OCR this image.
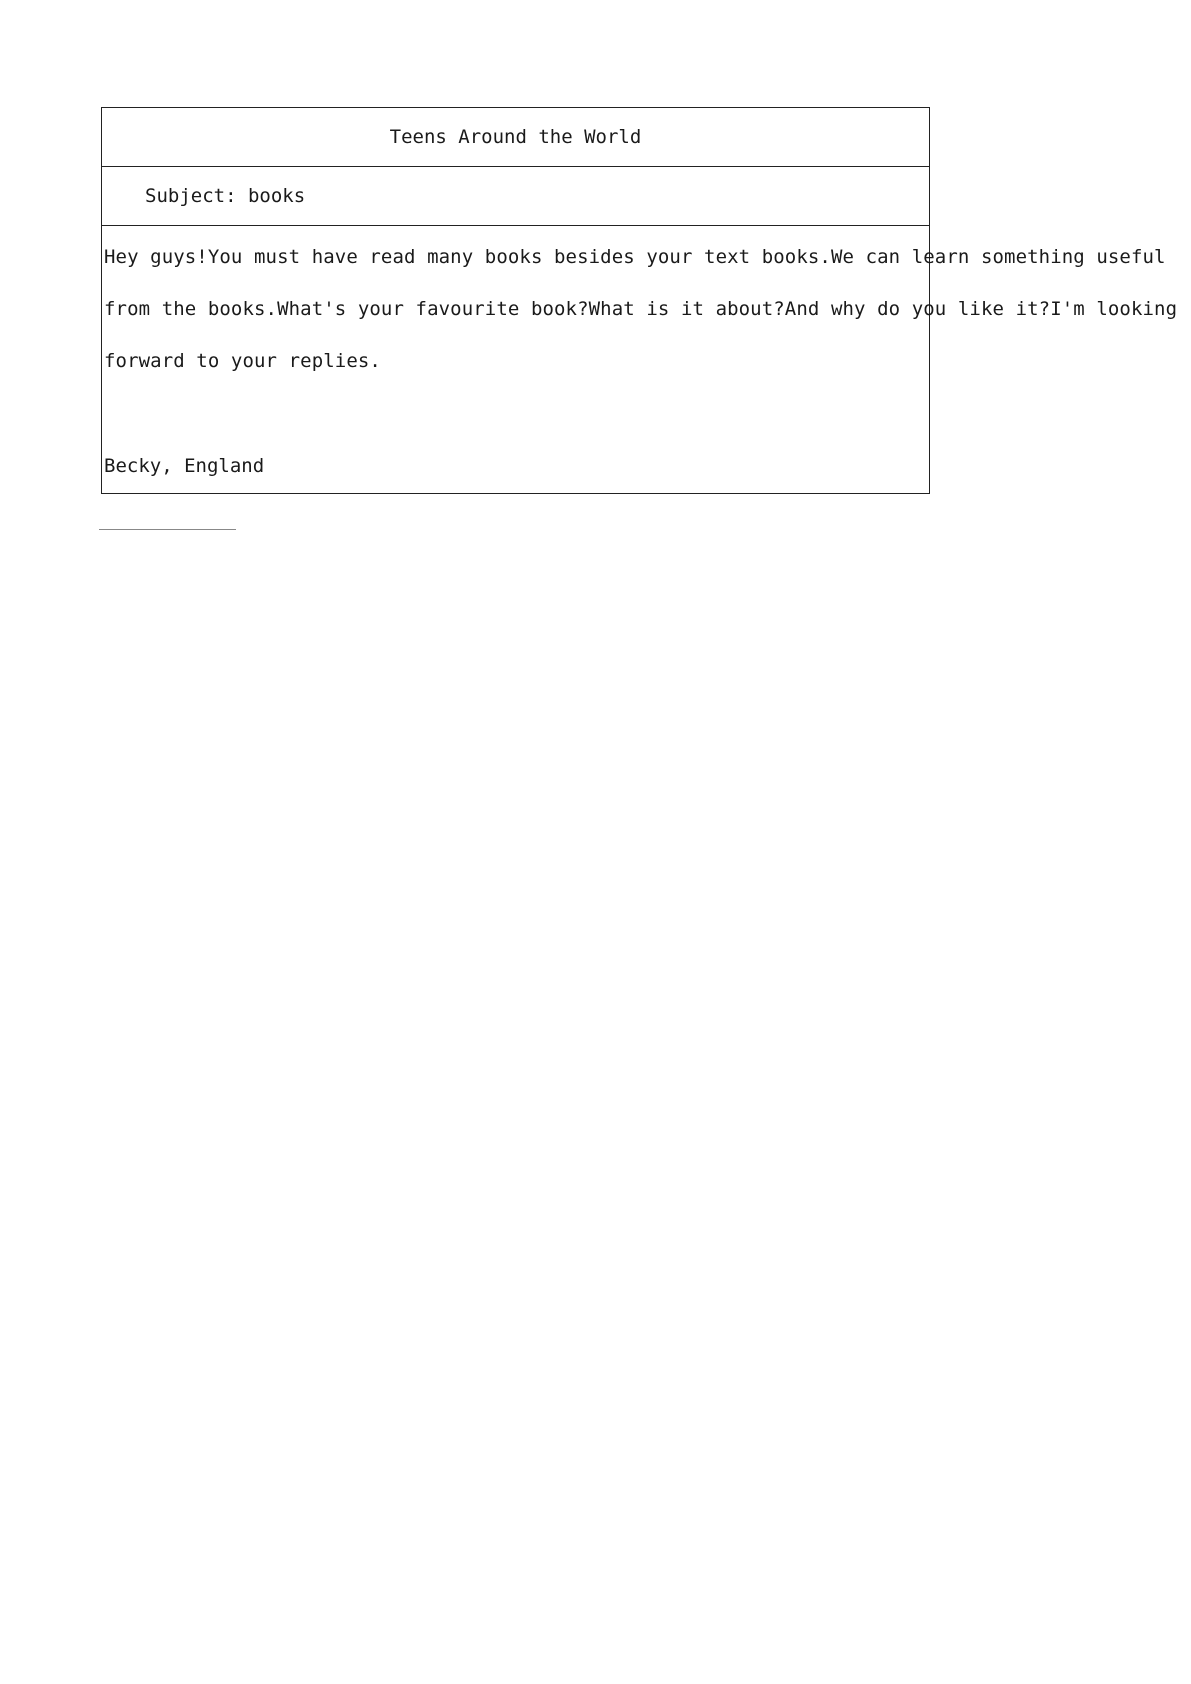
Teens Around the World
Subject: books
Hey guys!You must have read many books besides your text books.We can learn something useful
from the books.What's your favourite book?What is it about?And why do you like it?I'm looking
forward to your replies.
Becky, England
